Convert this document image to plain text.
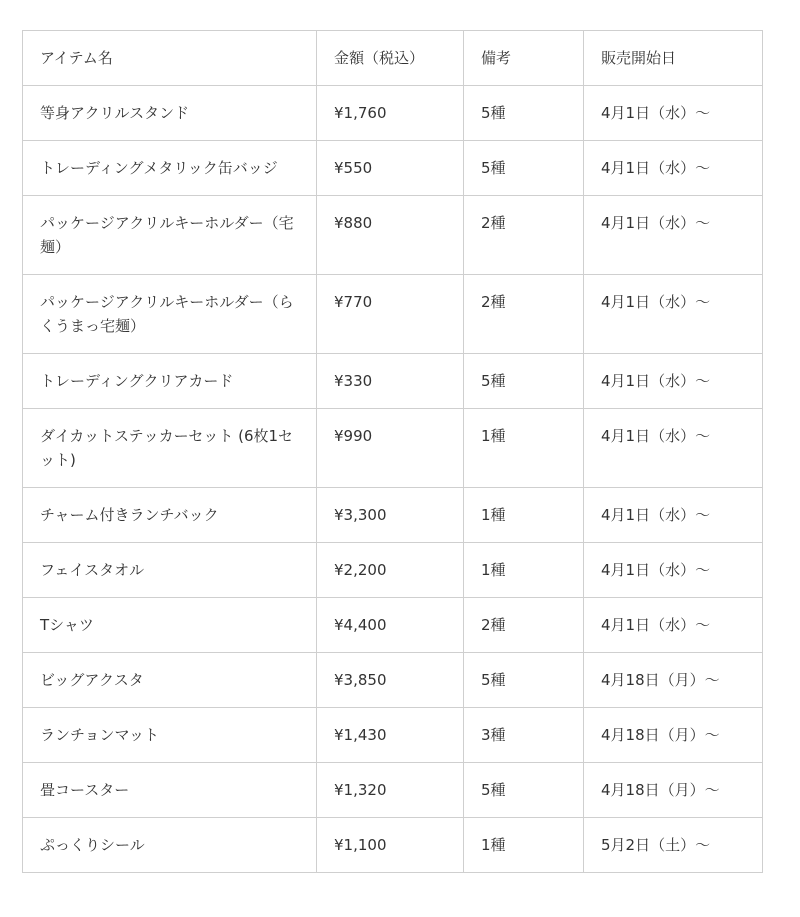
アイテム名	金額（税込）	備考	販売開始日
等身アクリルスタンド	¥1,760	5種	4月1日（水）～
トレーディングメタリック缶バッジ	¥550	5種	4月1日（水）～
パッケージアクリルキーホルダー（宅麺）	¥880	2種	4月1日（水）～
パッケージアクリルキーホルダー（らくうまっ宅麺）	¥770	2種	4月1日（水）～
トレーディングクリアカード	¥330	5種	4月1日（水）～
ダイカットステッカーセット (6枚1セット)	¥990	1種	4月1日（水）～
チャーム付きランチバック	¥3,300	1種	4月1日（水）～
フェイスタオル	¥2,200	1種	4月1日（水）～
Tシャツ	¥4,400	2種	4月1日（水）～
ビッグアクスタ	¥3,850	5種	4月18日（月）～
ランチョンマット	¥1,430	3種	4月18日（月）～
畳コースター	¥1,320	5種	4月18日（月）～
ぷっくりシール	¥1,100	1種	5月2日（土）～
